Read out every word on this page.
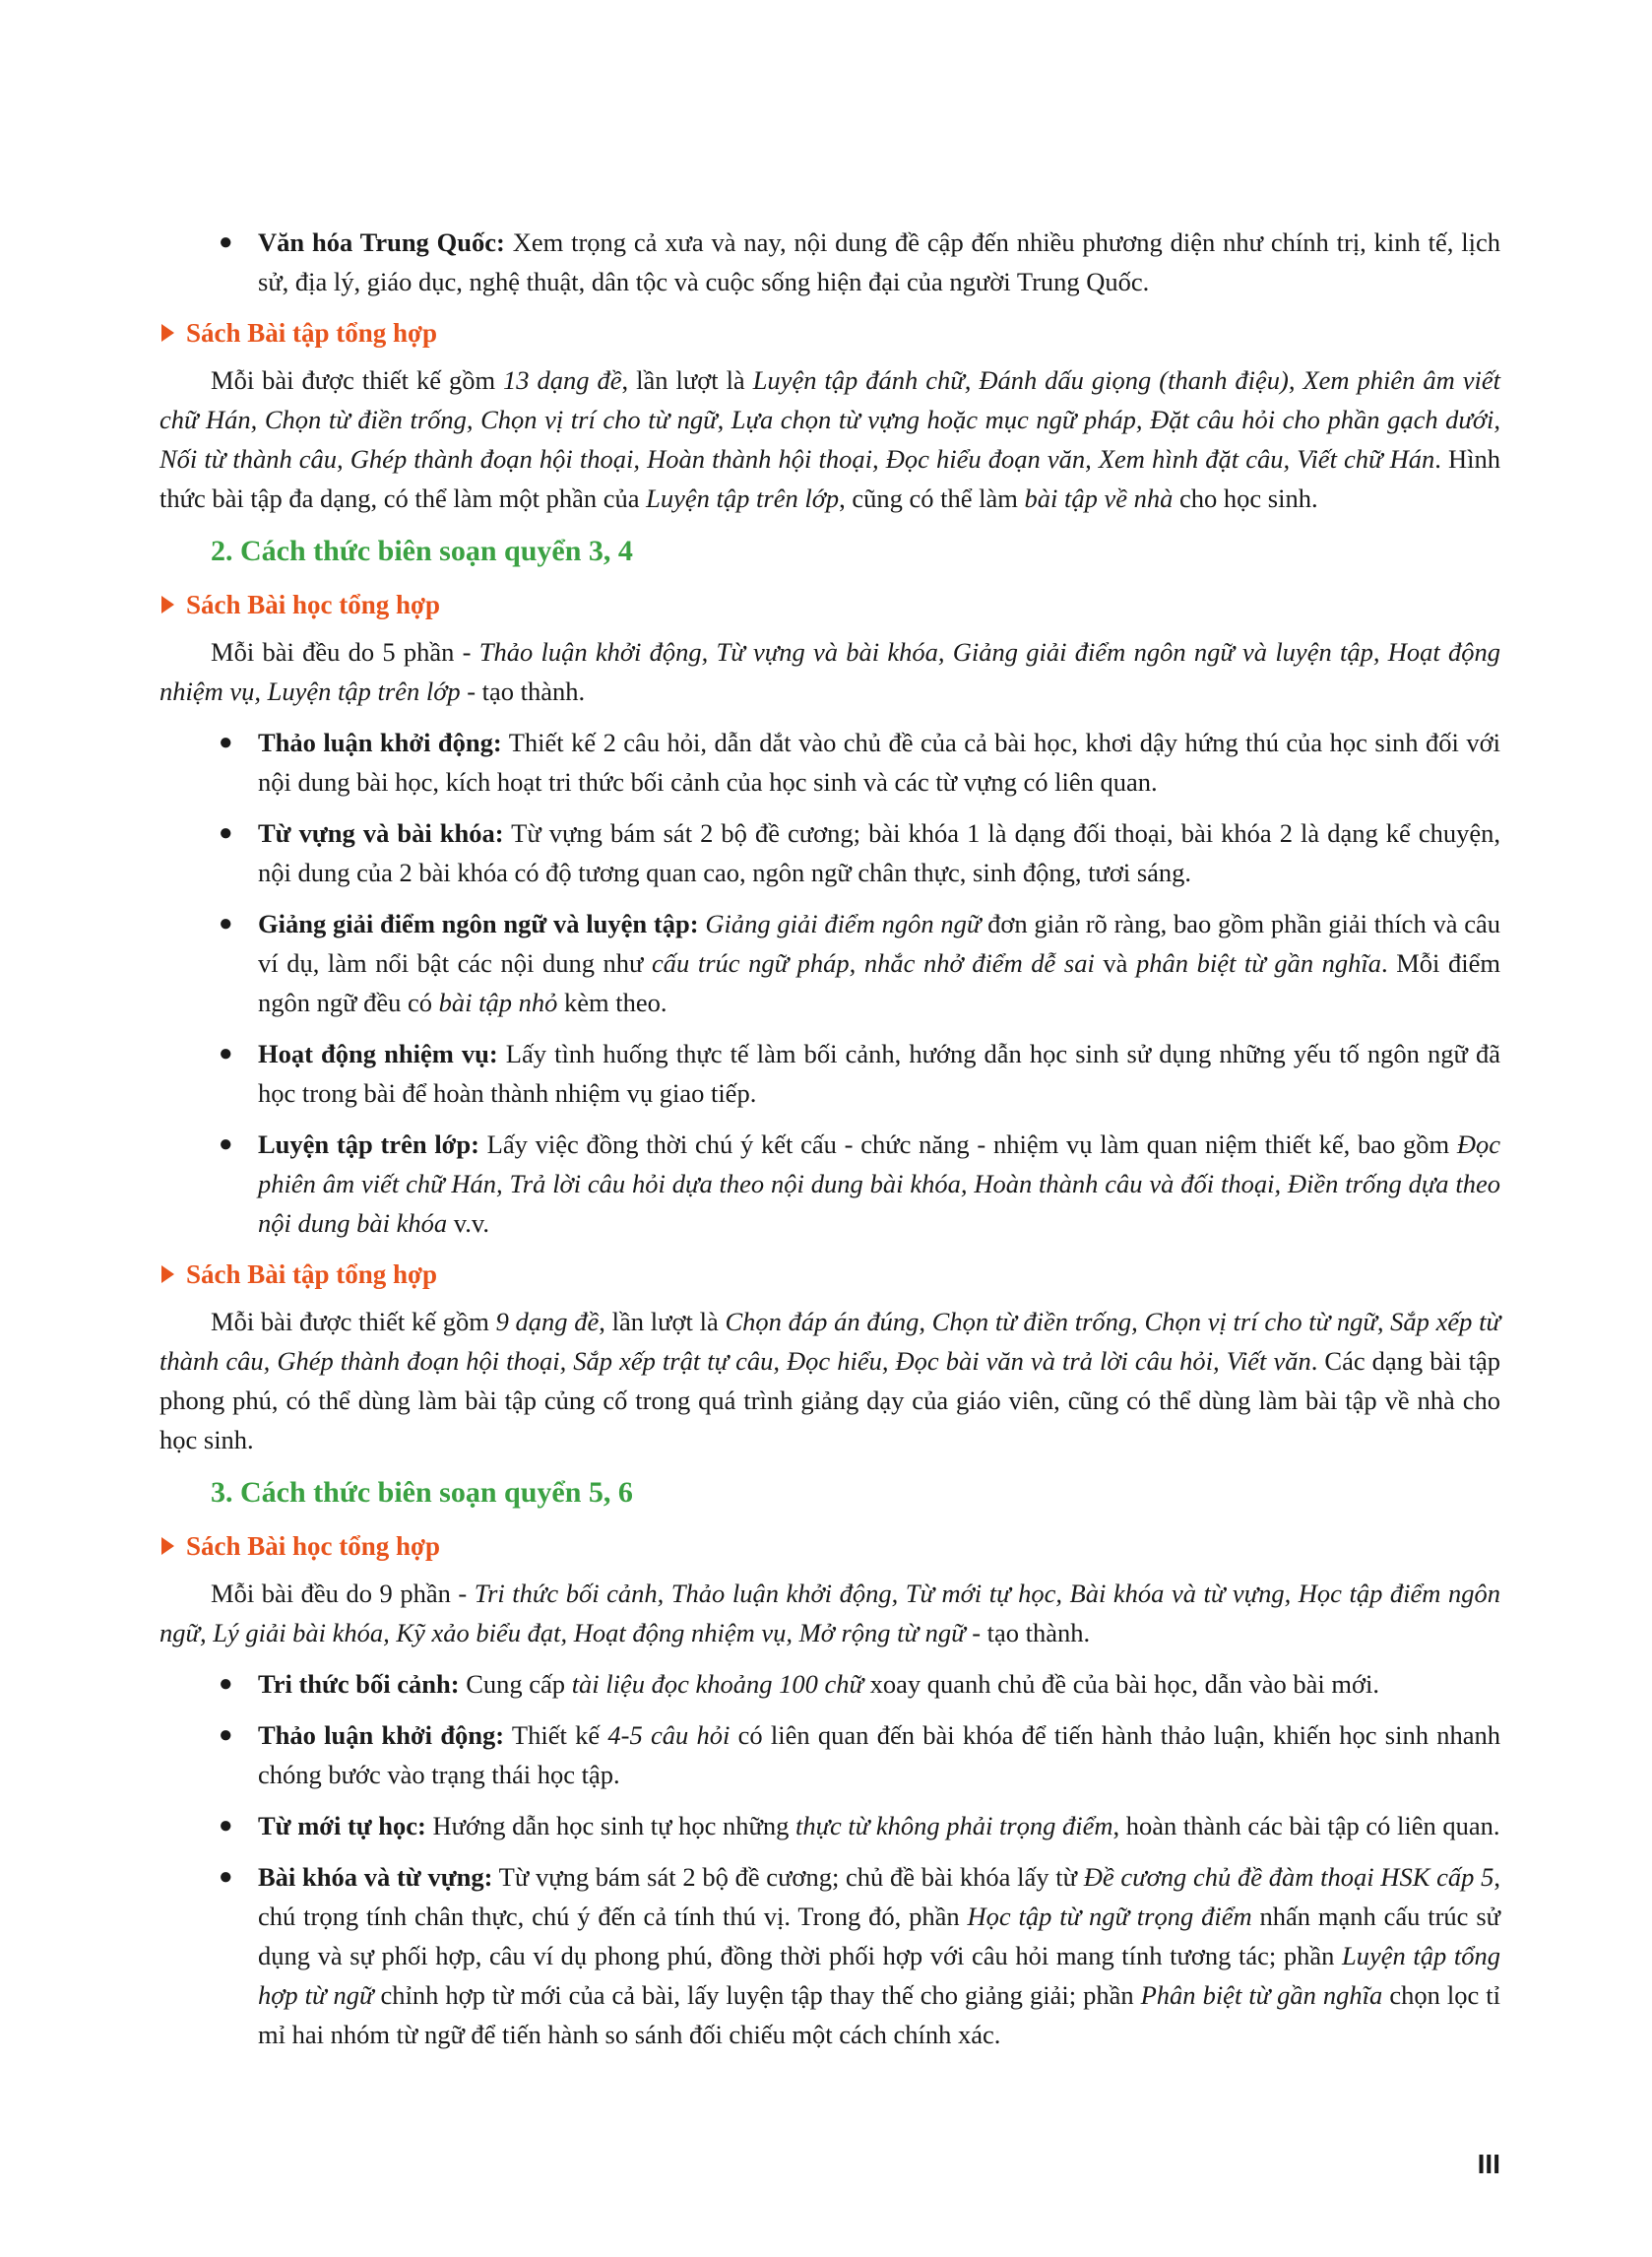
● Văn hóa Trung Quốc: Xem trọng cả xưa và nay, nội dung đề cập đến nhiều phương diện như chính trị, kinh tế, lịch sử, địa lý, giáo dục, nghệ thuật, dân tộc và cuộc sống hiện đại của người Trung Quốc.
Sách Bài tập tổng hợp

Mỗi bài được thiết kế gồm 13 dạng đề, lần lượt là Luyện tập đánh chữ, Đánh dấu giọng (thanh điệu), Xem phiên âm viết chữ Hán, Chọn từ điền trống, Chọn vị trí cho từ ngữ, Lựa chọn từ vựng hoặc mục ngữ pháp, Đặt câu hỏi cho phần gạch dưới, Nối từ thành câu, Ghép thành đoạn hội thoại, Hoàn thành hội thoại, Đọc hiểu đoạn văn, Xem hình đặt câu, Viết chữ Hán. Hình thức bài tập đa dạng, có thể làm một phần của Luyện tập trên lớp, cũng có thể làm bài tập về nhà cho học sinh.

2. Cách thức biên soạn quyển 3, 4
Sách Bài học tổng hợp

Mỗi bài đều do 5 phần - Thảo luận khởi động, Từ vựng và bài khóa, Giảng giải điểm ngôn ngữ và luyện tập, Hoạt động nhiệm vụ, Luyện tập trên lớp - tạo thành.

● Thảo luận khởi động: Thiết kế 2 câu hỏi, dẫn dắt vào chủ đề của cả bài học, khơi dậy hứng thú của học sinh đối với nội dung bài học, kích hoạt tri thức bối cảnh của học sinh và các từ vựng có liên quan.
● Từ vựng và bài khóa: Từ vựng bám sát 2 bộ đề cương; bài khóa 1 là dạng đối thoại, bài khóa 2 là dạng kể chuyện, nội dung của 2 bài khóa có độ tương quan cao, ngôn ngữ chân thực, sinh động, tươi sáng.
● Giảng giải điểm ngôn ngữ và luyện tập: Giảng giải điểm ngôn ngữ đơn giản rõ ràng, bao gồm phần giải thích và câu ví dụ, làm nổi bật các nội dung như cấu trúc ngữ pháp, nhắc nhở điểm dễ sai và phân biệt từ gần nghĩa. Mỗi điểm ngôn ngữ đều có bài tập nhỏ kèm theo.
● Hoạt động nhiệm vụ: Lấy tình huống thực tế làm bối cảnh, hướng dẫn học sinh sử dụng những yếu tố ngôn ngữ đã học trong bài để hoàn thành nhiệm vụ giao tiếp.
● Luyện tập trên lớp: Lấy việc đồng thời chú ý kết cấu - chức năng - nhiệm vụ làm quan niệm thiết kế, bao gồm Đọc phiên âm viết chữ Hán, Trả lời câu hỏi dựa theo nội dung bài khóa, Hoàn thành câu và đối thoại, Điền trống dựa theo nội dung bài khóa v.v.
Sách Bài tập tổng hợp

Mỗi bài được thiết kế gồm 9 dạng đề, lần lượt là Chọn đáp án đúng, Chọn từ điền trống, Chọn vị trí cho từ ngữ, Sắp xếp từ thành câu, Ghép thành đoạn hội thoại, Sắp xếp trật tự câu, Đọc hiểu, Đọc bài văn và trả lời câu hỏi, Viết văn. Các dạng bài tập phong phú, có thể dùng làm bài tập củng cố trong quá trình giảng dạy của giáo viên, cũng có thể dùng làm bài tập về nhà cho học sinh.

3. Cách thức biên soạn quyển 5, 6
Sách Bài học tổng hợp

Mỗi bài đều do 9 phần - Tri thức bối cảnh, Thảo luận khởi động, Từ mới tự học, Bài khóa và từ vựng, Học tập điểm ngôn ngữ, Lý giải bài khóa, Kỹ xảo biểu đạt, Hoạt động nhiệm vụ, Mở rộng từ ngữ - tạo thành.

● Tri thức bối cảnh: Cung cấp tài liệu đọc khoảng 100 chữ xoay quanh chủ đề của bài học, dẫn vào bài mới.
● Thảo luận khởi động: Thiết kế 4-5 câu hỏi có liên quan đến bài khóa để tiến hành thảo luận, khiến học sinh nhanh chóng bước vào trạng thái học tập.
● Từ mới tự học: Hướng dẫn học sinh tự học những thực từ không phải trọng điểm, hoàn thành các bài tập có liên quan.
● Bài khóa và từ vựng: Từ vựng bám sát 2 bộ đề cương; chủ đề bài khóa lấy từ Đề cương chủ đề đàm thoại HSK cấp 5, chú trọng tính chân thực, chú ý đến cả tính thú vị. Trong đó, phần Học tập từ ngữ trọng điểm nhấn mạnh cấu trúc sử dụng và sự phối hợp, câu ví dụ phong phú, đồng thời phối hợp với câu hỏi mang tính tương tác; phần Luyện tập tổng hợp từ ngữ chỉnh hợp từ mới của cả bài, lấy luyện tập thay thế cho giảng giải; phần Phân biệt từ gần nghĩa chọn lọc tỉ mỉ hai nhóm từ ngữ để tiến hành so sánh đối chiếu một cách chính xác.
III
